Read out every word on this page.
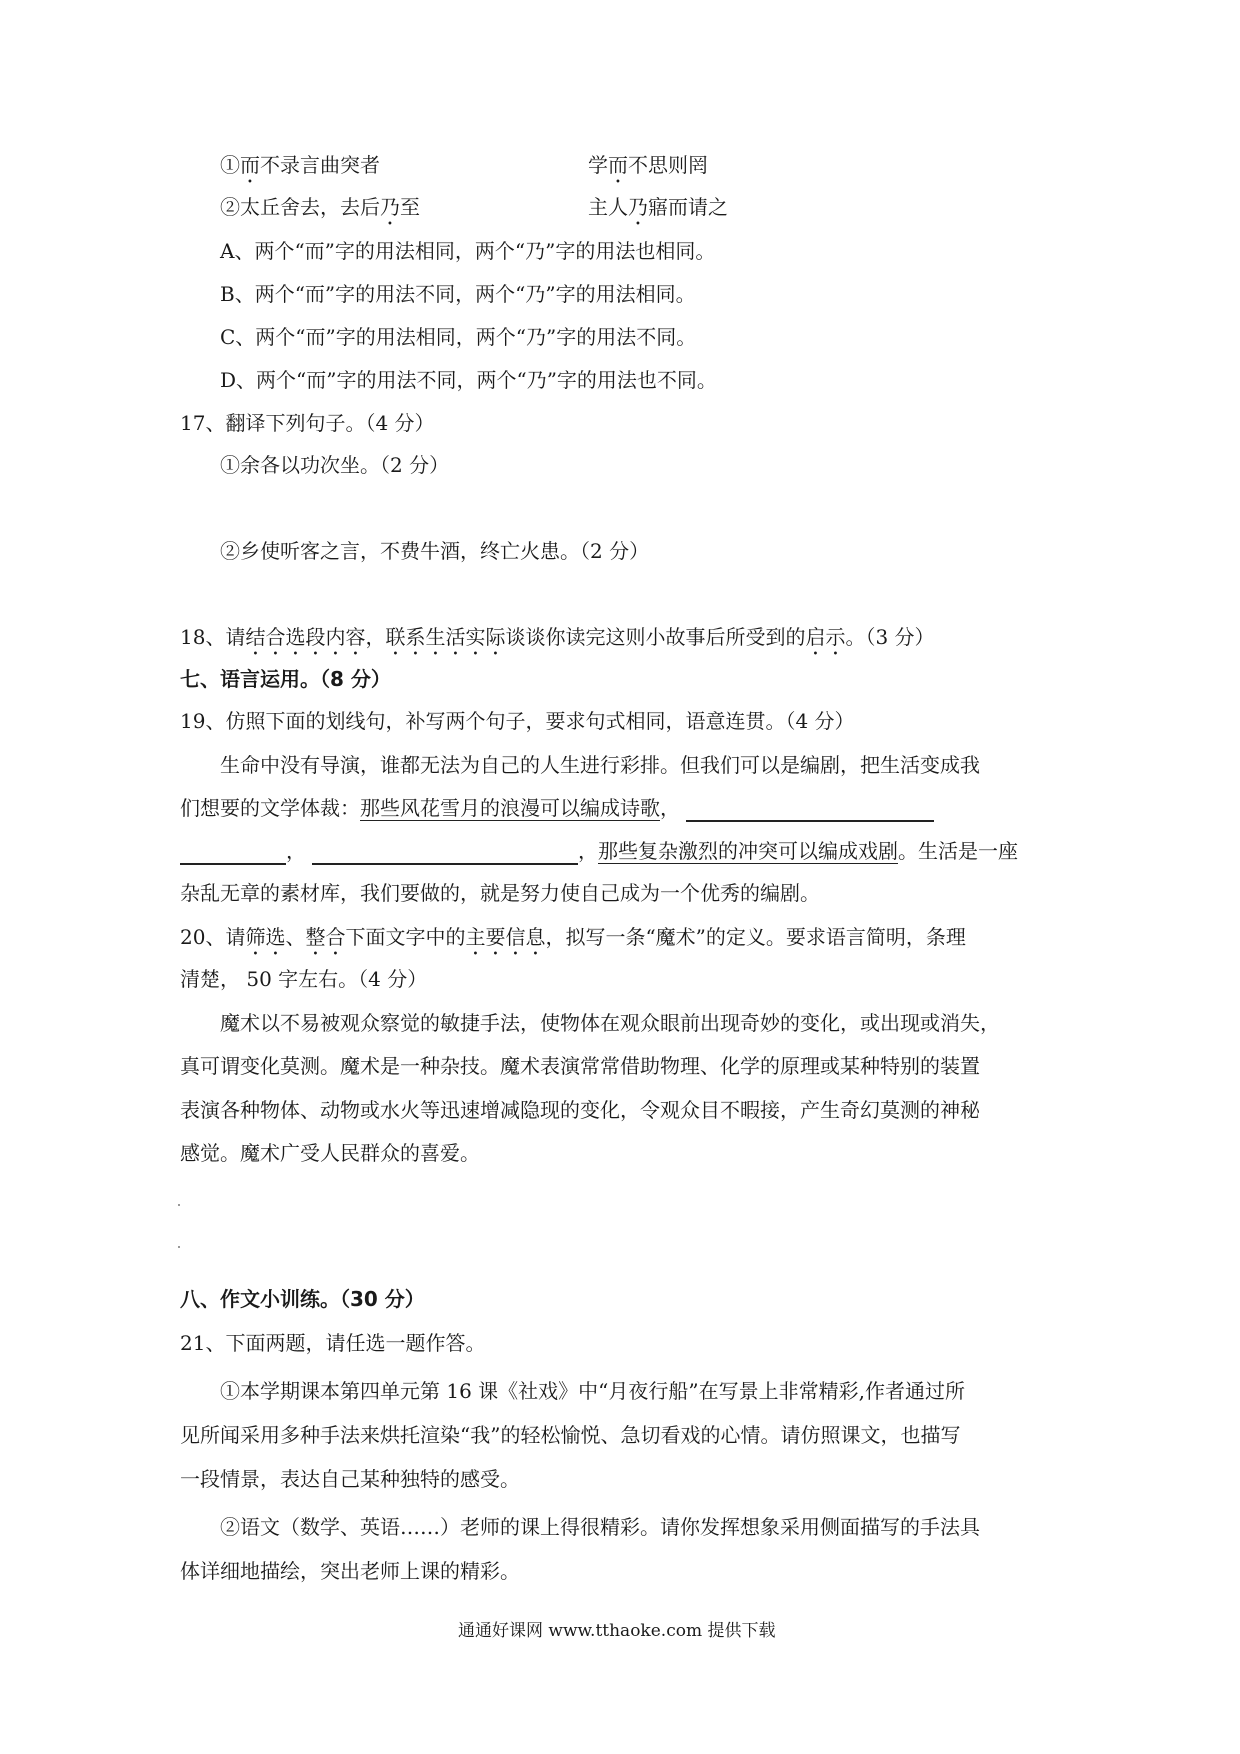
①而不录言曲突者	学而不思则罔
②太丘舍去，去后乃至	主人乃寤而请之
A、两个“而”字的用法相同，两个“乃”字的用法也相同。
B、两个“而”字的用法不同，两个“乃”字的用法相同。
C、两个“而”字的用法相同，两个“乃”字的用法不同。
D、两个“而”字的用法不同，两个“乃”字的用法也不同。
17、翻译下列句子。（4 分）
①余各以功次坐。（2 分）
②乡使听客之言，不费牛酒，终亡火患。（2 分）
18、请结合选段内容，联系生活实际谈谈你读完这则小故事后所受到的启示。（3 分）
七、语言运用。（8 分）
19、仿照下面的划线句，补写两个句子，要求句式相同，语意连贯。（4 分）
生命中没有导演，谁都无法为自己的人生进行彩排。但我们可以是编剧，把生活变成我
们想要的文学体裁：那些风花雪月的浪漫可以编成诗歌，
，	，那些复杂激烈的冲突可以编成戏剧。生活是一座
杂乱无章的素材库，我们要做的，就是努力使自己成为一个优秀的编剧。
20、请筛选、整合下面文字中的主要信息，拟写一条“魔术”的定义。要求语言简明，条理
清楚， 50 字左右。（4 分）
魔术以不易被观众察觉的敏捷手法，使物体在观众眼前出现奇妙的变化，或出现或消失，
真可谓变化莫测。魔术是一种杂技。魔术表演常常借助物理、化学的原理或某种特别的装置
表演各种物体、动物或水火等迅速增减隐现的变化，令观众目不暇接，产生奇幻莫测的神秘
感觉。魔术广受人民群众的喜爱。
八、作文小训练。（30 分）
21、下面两题，请任选一题作答。
①本学期课本第四单元第 16 课《社戏》中“月夜行船”在写景上非常精彩,作者通过所
见所闻采用多种手法来烘托渲染“我”的轻松愉悦、急切看戏的心情。请仿照课文，也描写
一段情景，表达自己某种独特的感受。
②语文（数学、英语……）老师的课上得很精彩。请你发挥想象采用侧面描写的手法具
体详细地描绘，突出老师上课的精彩。
通通好课网 www.tthaoke.com 提供下载
